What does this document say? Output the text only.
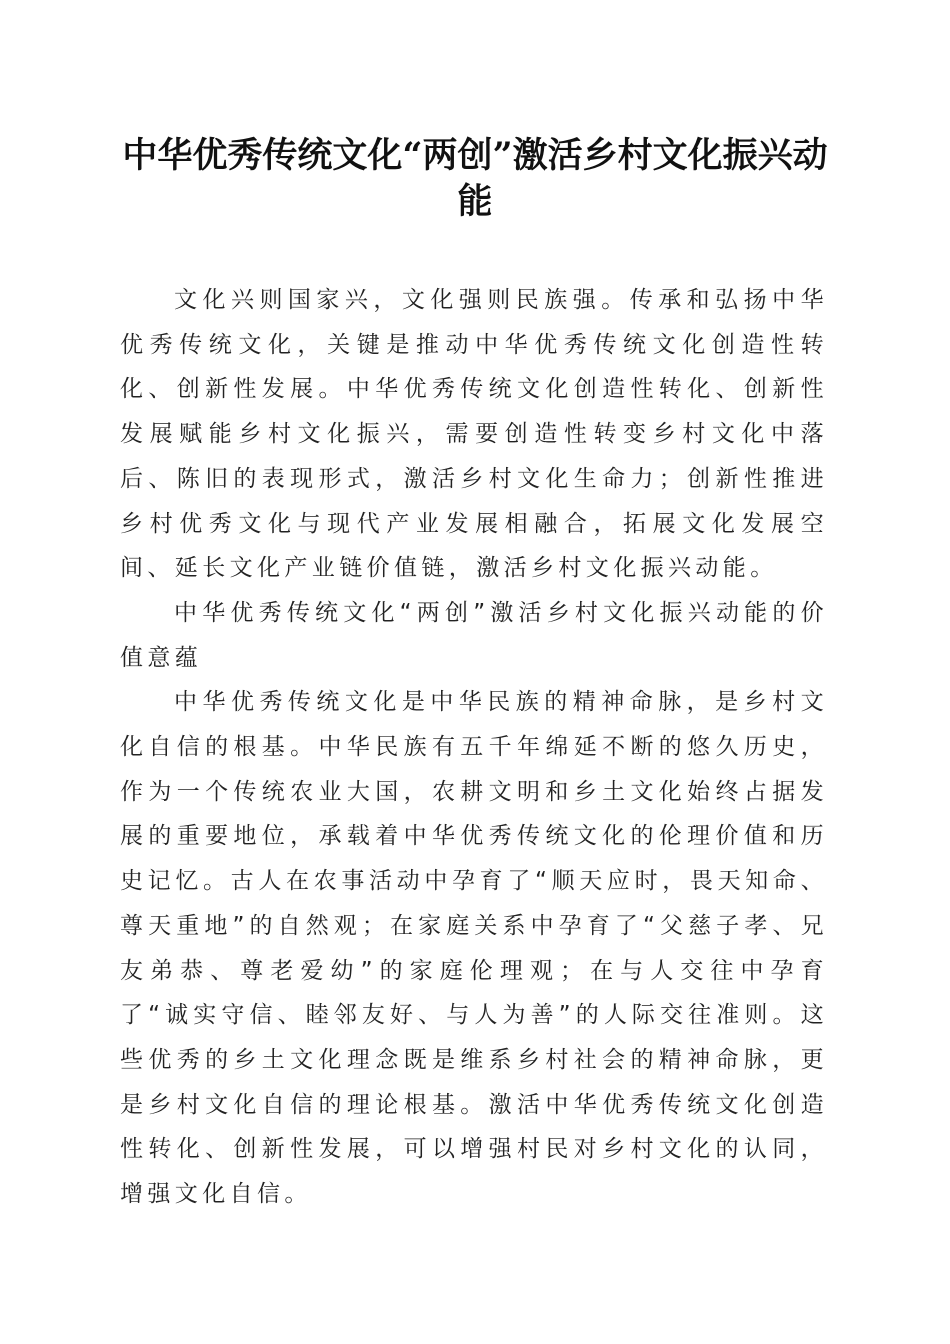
中华优秀传统文化“两创”激活乡村文化振兴动能

文化兴则国家兴，文化强则民族强。传承和弘扬中华优秀传统文化，关键是推动中华优秀传统文化创造性转化、创新性发展。中华优秀传统文化创造性转化、创新性发展赋能乡村文化振兴，需要创造性转变乡村文化中落后、陈旧的表现形式，激活乡村文化生命力；创新性推进乡村优秀文化与现代产业发展相融合，拓展文化发展空间、延长文化产业链价值链，激活乡村文化振兴动能。

中华优秀传统文化“两创”激活乡村文化振兴动能的价值意蕴

中华优秀传统文化是中华民族的精神命脉，是乡村文化自信的根基。中华民族有五千年绵延不断的悠久历史，作为一个传统农业大国，农耕文明和乡土文化始终占据发展的重要地位，承载着中华优秀传统文化的伦理价值和历史记忆。古人在农事活动中孕育了“顺天应时，畏天知命、尊天重地”的自然观；在家庭关系中孕育了“父慈子孝、兄友弟恭、尊老爱幼”的家庭伦理观；在与人交往中孕育了“诚实守信、睦邻友好、与人为善”的人际交往准则。这些优秀的乡土文化理念既是维系乡村社会的精神命脉，更是乡村文化自信的理论根基。激活中华优秀传统文化创造性转化、创新性发展，可以增强村民对乡村文化的认同，增强文化自信。
